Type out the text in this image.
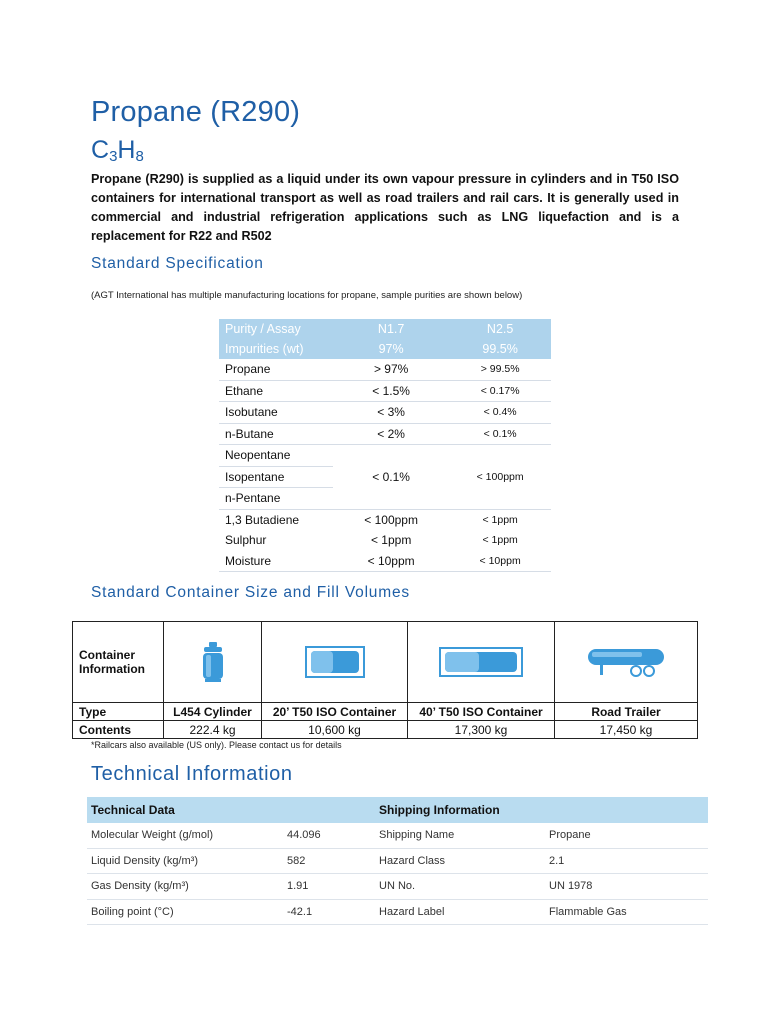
Propane (R290)
$C_3H_8$
Propane (R290) is supplied as a liquid under its own vapour pressure in cylinders and in T50 ISO containers for international transport as well as road trailers and rail cars. It is generally used in commercial and industrial refrigeration applications such as LNG liquefaction and is a replacement for R22 and R502
Standard Specification
(AGT International has multiple manufacturing locations for propane, sample purities are shown below)
Purity / Assay	N1.7	N2.5
Impurities (wt)	97%	99.5%
Propane	> 97%	> 99.5%
Ethane	< 1.5%	< 0.17%
Isobutane	< 3%	< 0.4%
n-Butane	< 2%	< 0.1%
Neopentane	< 0.1%	< 100ppm
Isopentane		
n-Pentane		
1,3 Butadiene	< 100ppm	< 1ppm
Sulphur	< 1ppm	< 1ppm
Moisture	< 10ppm	< 10ppm
Standard Container Size and Fill Volumes
Container Information	

Type	L454 Cylinder	20’ T50 ISO Container	40’ T50 ISO Container	Road Trailer
Contents	222.4 kg	10,600 kg	17,300 kg	17,450 kg
*Railcars also available (US only). Please contact us for details
Technical Information
Technical Data		Shipping Information	
Molecular Weight (g/mol)	44.096	Shipping Name	Propane
Liquid Density (kg/m³)	582	Hazard Class	2.1
Gas Density (kg/m³)	1.91	UN No.	UN 1978
Boiling point (°C)	-42.1	Hazard Label	Flammable Gas
